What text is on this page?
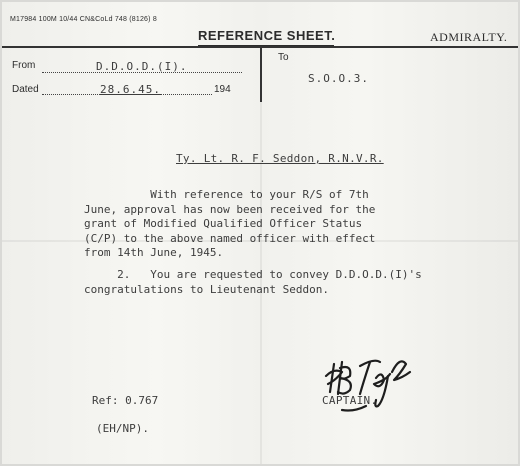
M17984 100M 10/44 CN&CoLd 748 (8126) 8
REFERENCE SHEET.	ADMIRALTY.
From	D.D.O.D.(I).
Dated	28.6.45.	194
To
S.O.O.3.
Ty. Lt. R. F. Seddon, R.N.V.R.
With reference to your R/S of 7th
June, approval has now been received for the
grant of Modified Qualified Officer Status
(C/P) to the above named officer with effect
from 14th June, 1945.
2.   You are requested to convey D.D.O.D.(I)'s
congratulations to Lieutenant Seddon.
Ref: 0.767
(EH/NP).
CAPTAIN.
